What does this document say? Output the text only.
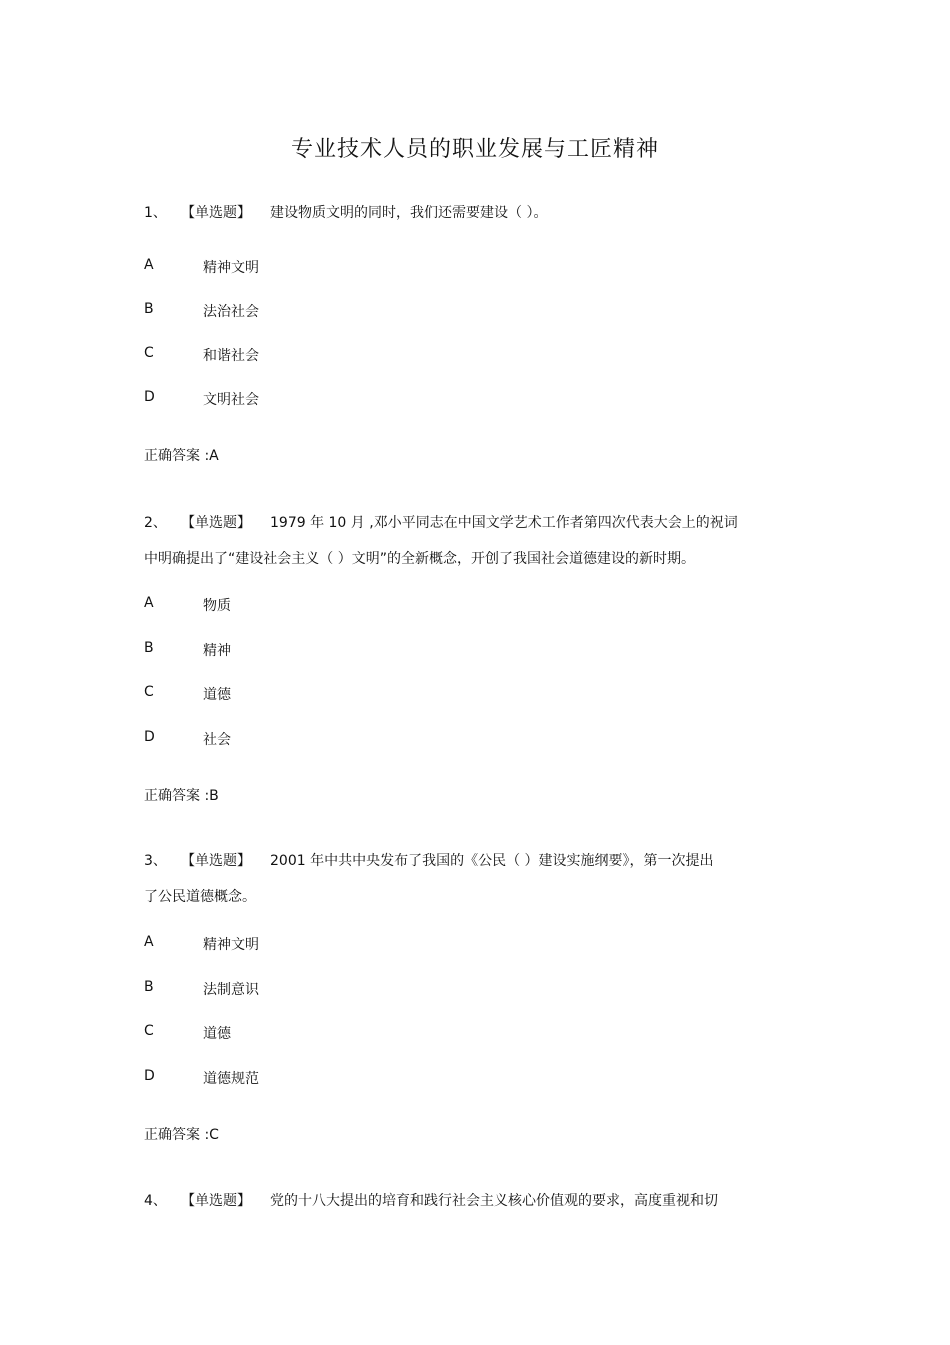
专业技术人员的职业发展与工匠精神
1、 【单选题】 建设物质文明的同时，我们还需要建设（ ）。
A	精神文明
B	法治社会
C	和谐社会
D	文明社会
正确答案 :A
2、 【单选题】 1979 年 10 月 ,邓小平同志在中国文学艺术工作者第四次代表大会上的祝词
中明确提出了“建设社会主义（ ）文明”的全新概念，开创了我国社会道德建设的新时期。
A	物质
B	精神
C	道德
D	社会
正确答案 :B
3、 【单选题】 2001 年中共中央发布了我国的《公民（ ）建设实施纲要》，第一次提出
了公民道德概念。
A	精神文明
B	法制意识
C	道德
D	道德规范
正确答案 :C
4、 【单选题】 党的十八大提出的培育和践行社会主义核心价值观的要求，高度重视和切
